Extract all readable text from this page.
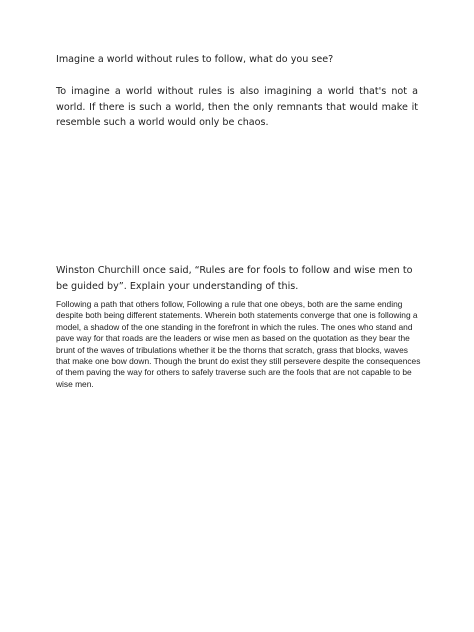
Imagine a world without rules to follow, what do you see?
To imagine a world without rules is also imagining a world that's not a world. If there is such a world, then the only remnants that would make it resemble such a world would only be chaos.
Winston Churchill once said, “Rules are for fools to follow and wise men to be guided by”. Explain your understanding of this.
Following a path that others follow, Following a rule that one obeys, both are the same ending despite both being different statements. Wherein both statements converge that one is following a model, a shadow of the one standing in the forefront in which the rules. The ones who stand and pave way for that roads are the leaders or wise men as based on the quotation as they bear the brunt of the waves of tribulations whether it be the thorns that scratch, grass that blocks, waves that make one bow down. Though the brunt do exist they still persevere despite the consequences of them paving the way for others to safely traverse such are the fools that are not capable to be wise men.
